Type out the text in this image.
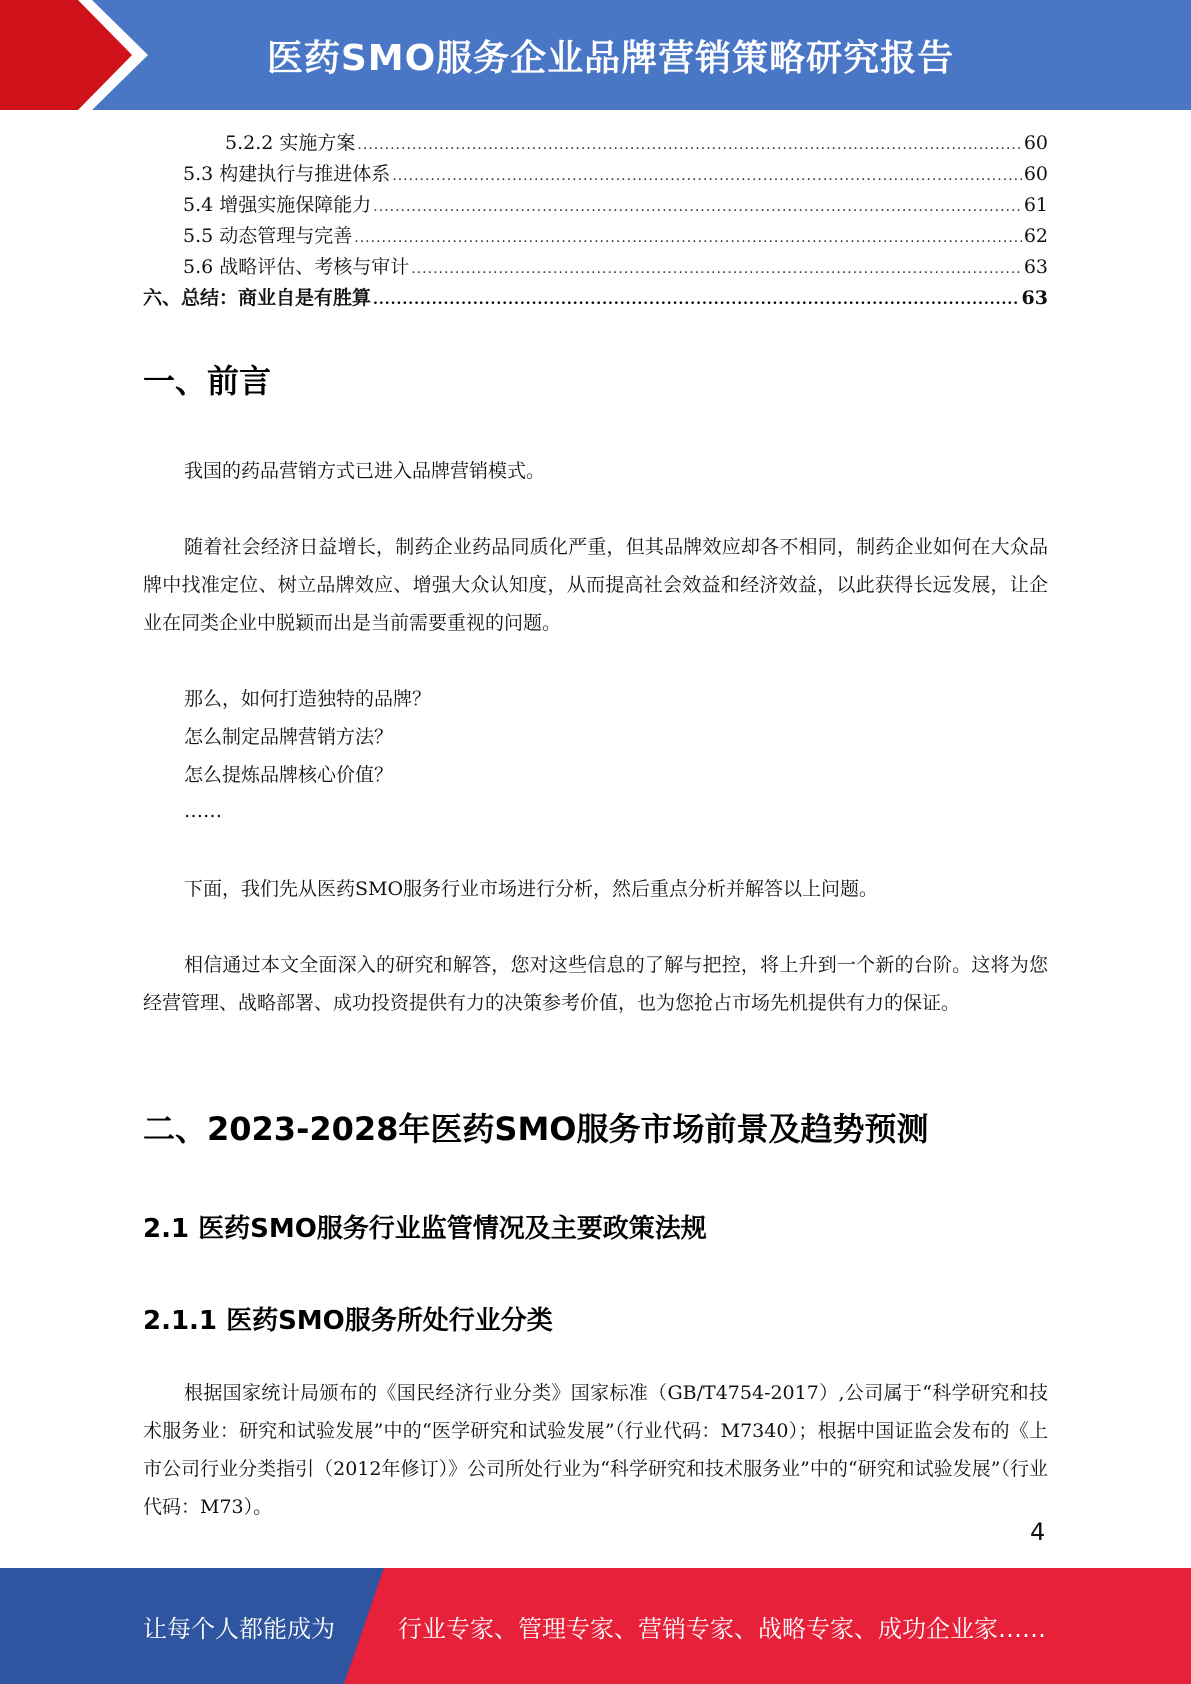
医药SMO服务企业品牌营销策略研究报告
5.2.2 实施方案 .....	60
5.3 构建执行与推进体系 .....	60
5.4 增强实施保障能力 .....	61
5.5 动态管理与完善 .....	62
5.6 战略评估、考核与审计 .....	63
六、总结：商业自是有胜算 .....	63
一、前言
我国的药品营销方式已进入品牌营销模式。
随着社会经济日益增长，制药企业药品同质化严重，但其品牌效应却各不相同，制药企业如何在大众品牌中找准定位、树立品牌效应、增强大众认知度，从而提高社会效益和经济效益，以此获得长远发展，让企业在同类企业中脱颖而出是当前需要重视的问题。
那么，如何打造独特的品牌？
怎么制定品牌营销方法？
怎么提炼品牌核心价值？
……
下面，我们先从医药SMO服务行业市场进行分析，然后重点分析并解答以上问题。
相信通过本文全面深入的研究和解答，您对这些信息的了解与把控，将上升到一个新的台阶。这将为您经营管理、战略部署、成功投资提供有力的决策参考价值，也为您抢占市场先机提供有力的保证。
二、2023-2028年医药SMO服务市场前景及趋势预测
2.1 医药SMO服务行业监管情况及主要政策法规
2.1.1 医药SMO服务所处行业分类
根据国家统计局颁布的《国民经济行业分类》国家标准（GB/T4754-2017）,公司属于“科学研究和技术服务业：研究和试验发展”中的“医学研究和试验发展”（行业代码：M7340）；根据中国证监会发布的《上市公司行业分类指引（2012年修订）》公司所处行业为“科学研究和技术服务业”中的“研究和试验发展”（行业代码：M73）。
4
让每个人都能成为	行业专家、管理专家、营销专家、战略专家、成功企业家……
